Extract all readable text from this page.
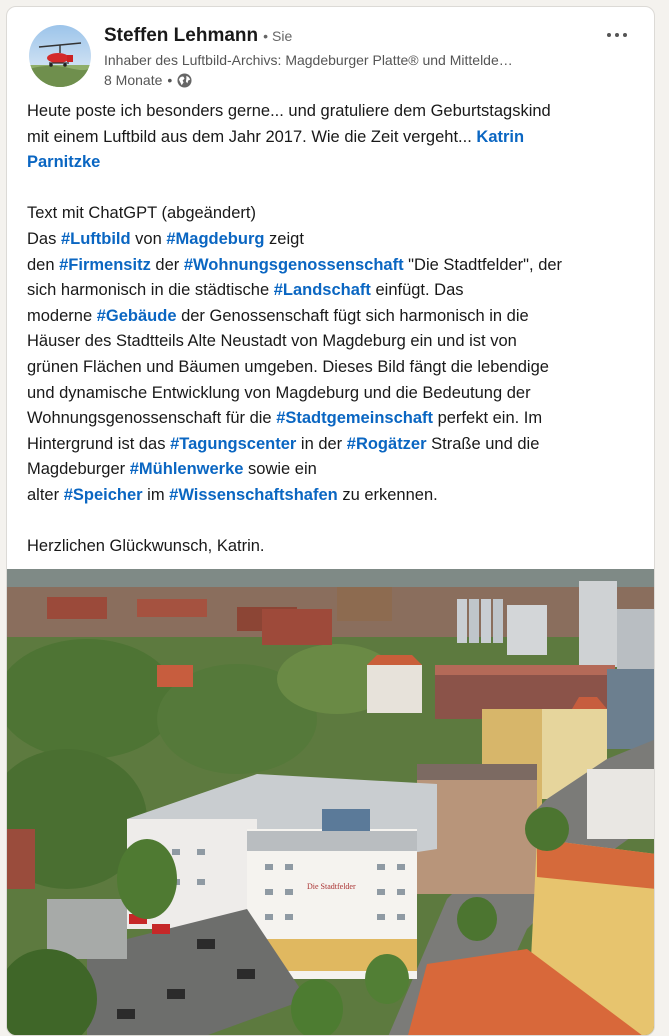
Steffen Lehmann • Sie
Inhaber des Luftbild-Archivs: Magdeburger Platte® und Mittelde…
8 Monate •

Heute poste ich besonders gerne... und gratuliere dem Geburtstagskind

mit einem Luftbild aus dem Jahr 2017. Wie die Zeit vergeht... Katrin

Parnitzke

Text mit ChatGPT (abgeändert)

Das #Luftbild von #Magdeburg zeigt

den #Firmensitz der #Wohnungsgenossenschaft "Die Stadtfelder", der

sich harmonisch in die städtische #Landschaft einfügt. Das

moderne #Gebäude der Genossenschaft fügt sich harmonisch in die

Häuser des Stadtteils Alte Neustadt von Magdeburg ein und ist von

grünen Flächen und Bäumen umgeben. Dieses Bild fängt die lebendige

und dynamische Entwicklung von Magdeburg und die Bedeutung der

Wohnungsgenossenschaft für die #Stadtgemeinschaft perfekt ein. Im

Hintergrund ist das #Tagungscenter in der #Rogätzer Straße und die

Magdeburger #Mühlenwerke sowie ein

alter #Speicher im #Wissenschaftshafen zu erkennen.

Herzlichen Glückwunsch, Katrin.

Die Stadtfelder
